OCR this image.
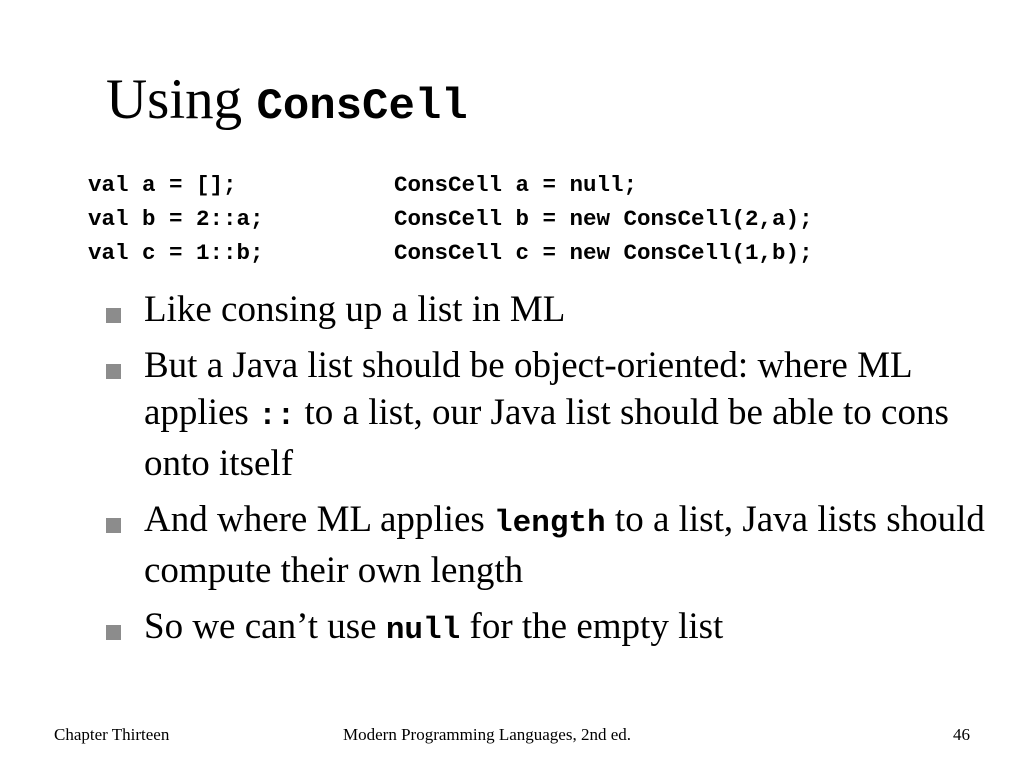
Using ConsCell
val a = [];	ConsCell a = null;
val b = 2::a;	ConsCell b = new ConsCell(2,a);
val c = 1::b;	ConsCell c = new ConsCell(1,b);
Like consing up a list in ML
But a Java list should be object-oriented: where ML applies :: to a list, our Java list should be able to cons onto itself
And where ML applies length to a list, Java lists should compute their own length
So we can’t use null for the empty list
Chapter Thirteen	Modern Programming Languages, 2nd ed.	46
